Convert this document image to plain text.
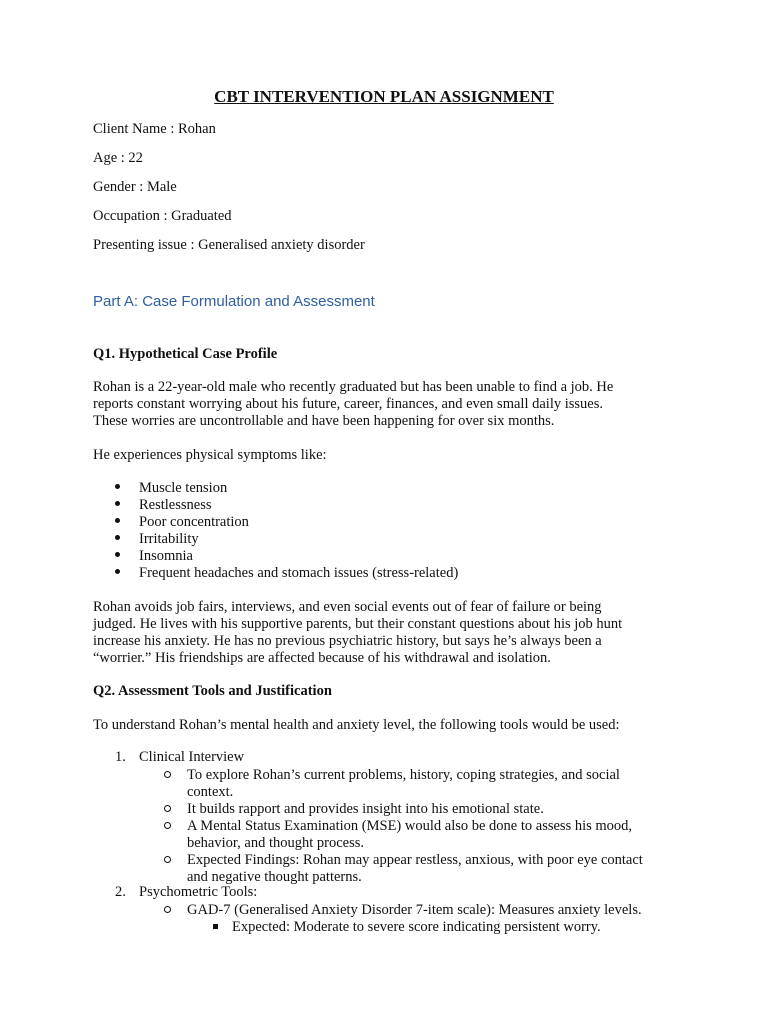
CBT INTERVENTION PLAN ASSIGNMENT
Client Name : Rohan
Age : 22
Gender : Male
Occupation : Graduated
Presenting issue : Generalised anxiety disorder
Part A: Case Formulation and Assessment
Q1. Hypothetical Case Profile
Rohan is a 22-year-old male who recently graduated but has been unable to find a job. He
reports constant worrying about his future, career, finances, and even small daily issues.
These worries are uncontrollable and have been happening for over six months.
He experiences physical symptoms like:
Muscle tension
Restlessness
Poor concentration
Irritability
Insomnia
Frequent headaches and stomach issues (stress-related)
Rohan avoids job fairs, interviews, and even social events out of fear of failure or being
judged. He lives with his supportive parents, but their constant questions about his job hunt
increase his anxiety. He has no previous psychiatric history, but says he’s always been a
“worrier.” His friendships are affected because of his withdrawal and isolation.
Q2. Assessment Tools and Justification
To understand Rohan’s mental health and anxiety level, the following tools would be used:
1. Clinical Interview
To explore Rohan’s current problems, history, coping strategies, and social
context.
It builds rapport and provides insight into his emotional state.
A Mental Status Examination (MSE) would also be done to assess his mood,
behavior, and thought process.
Expected Findings: Rohan may appear restless, anxious, with poor eye contact
and negative thought patterns.
2. Psychometric Tools:
GAD-7 (Generalised Anxiety Disorder 7-item scale): Measures anxiety levels.
Expected: Moderate to severe score indicating persistent worry.
